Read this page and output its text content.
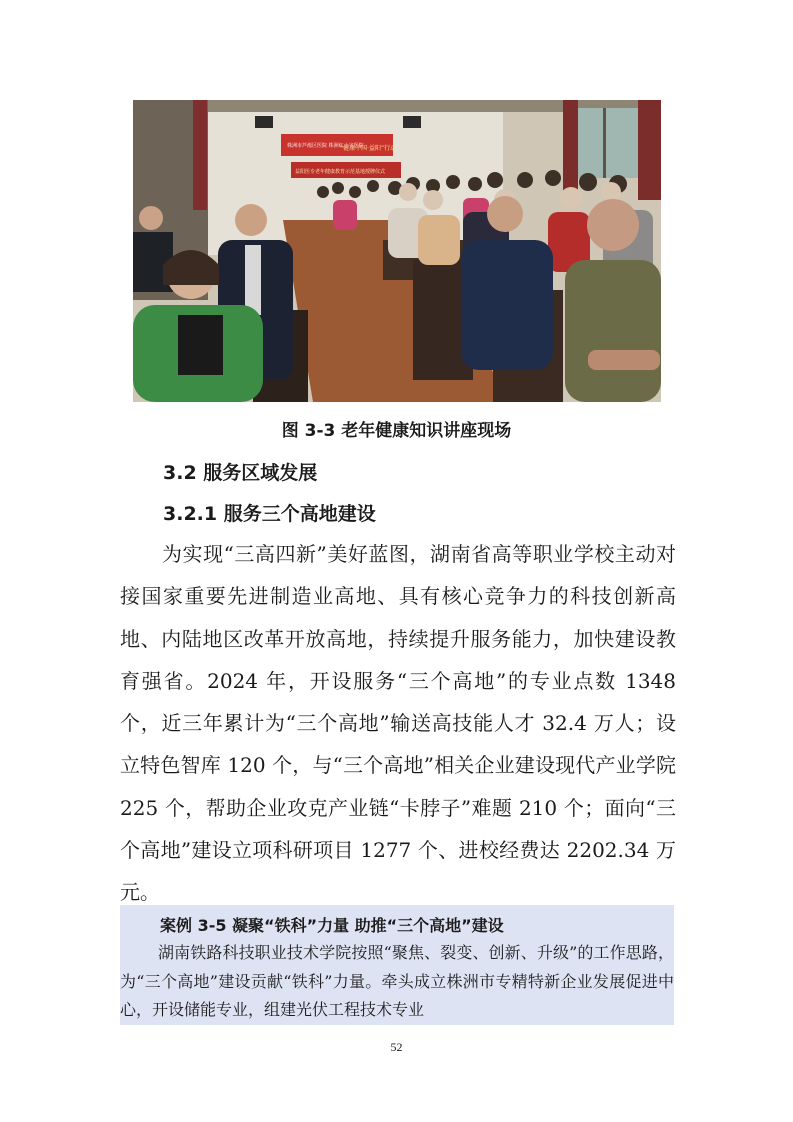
株洲市芦淞区医院 株洲红十字医院
“健康中国·益阳”行动
益阳医专老年健康教育示范基地授牌仪式
图 3-3 老年健康知识讲座现场
3.2 服务区域发展
3.2.1 服务三个高地建设
为实现“三高四新”美好蓝图，湖南省高等职业学校主动对接国家重要先进制造业高地、具有核心竞争力的科技创新高地、内陆地区改革开放高地，持续提升服务能力，加快建设教育强省。2024 年，开设服务“三个高地”的专业点数 1348 个，近三年累计为“三个高地”输送高技能人才 32.4 万人；设立特色智库 120 个，与“三个高地”相关企业建设现代产业学院 225 个，帮助企业攻克产业链“卡脖子”难题 210 个；面向“三个高地”建设立项科研项目 1277 个、进校经费达 2202.34 万元。
案例 3-5 凝聚“铁科”力量 助推“三个高地”建设
湖南铁路科技职业技术学院按照“聚焦、裂变、创新、升级”的工作思路，为“三个高地”建设贡献“铁科”力量。牵头成立株洲市专精特新企业发展促进中心，开设储能专业，组建光伏工程技术专业
52
